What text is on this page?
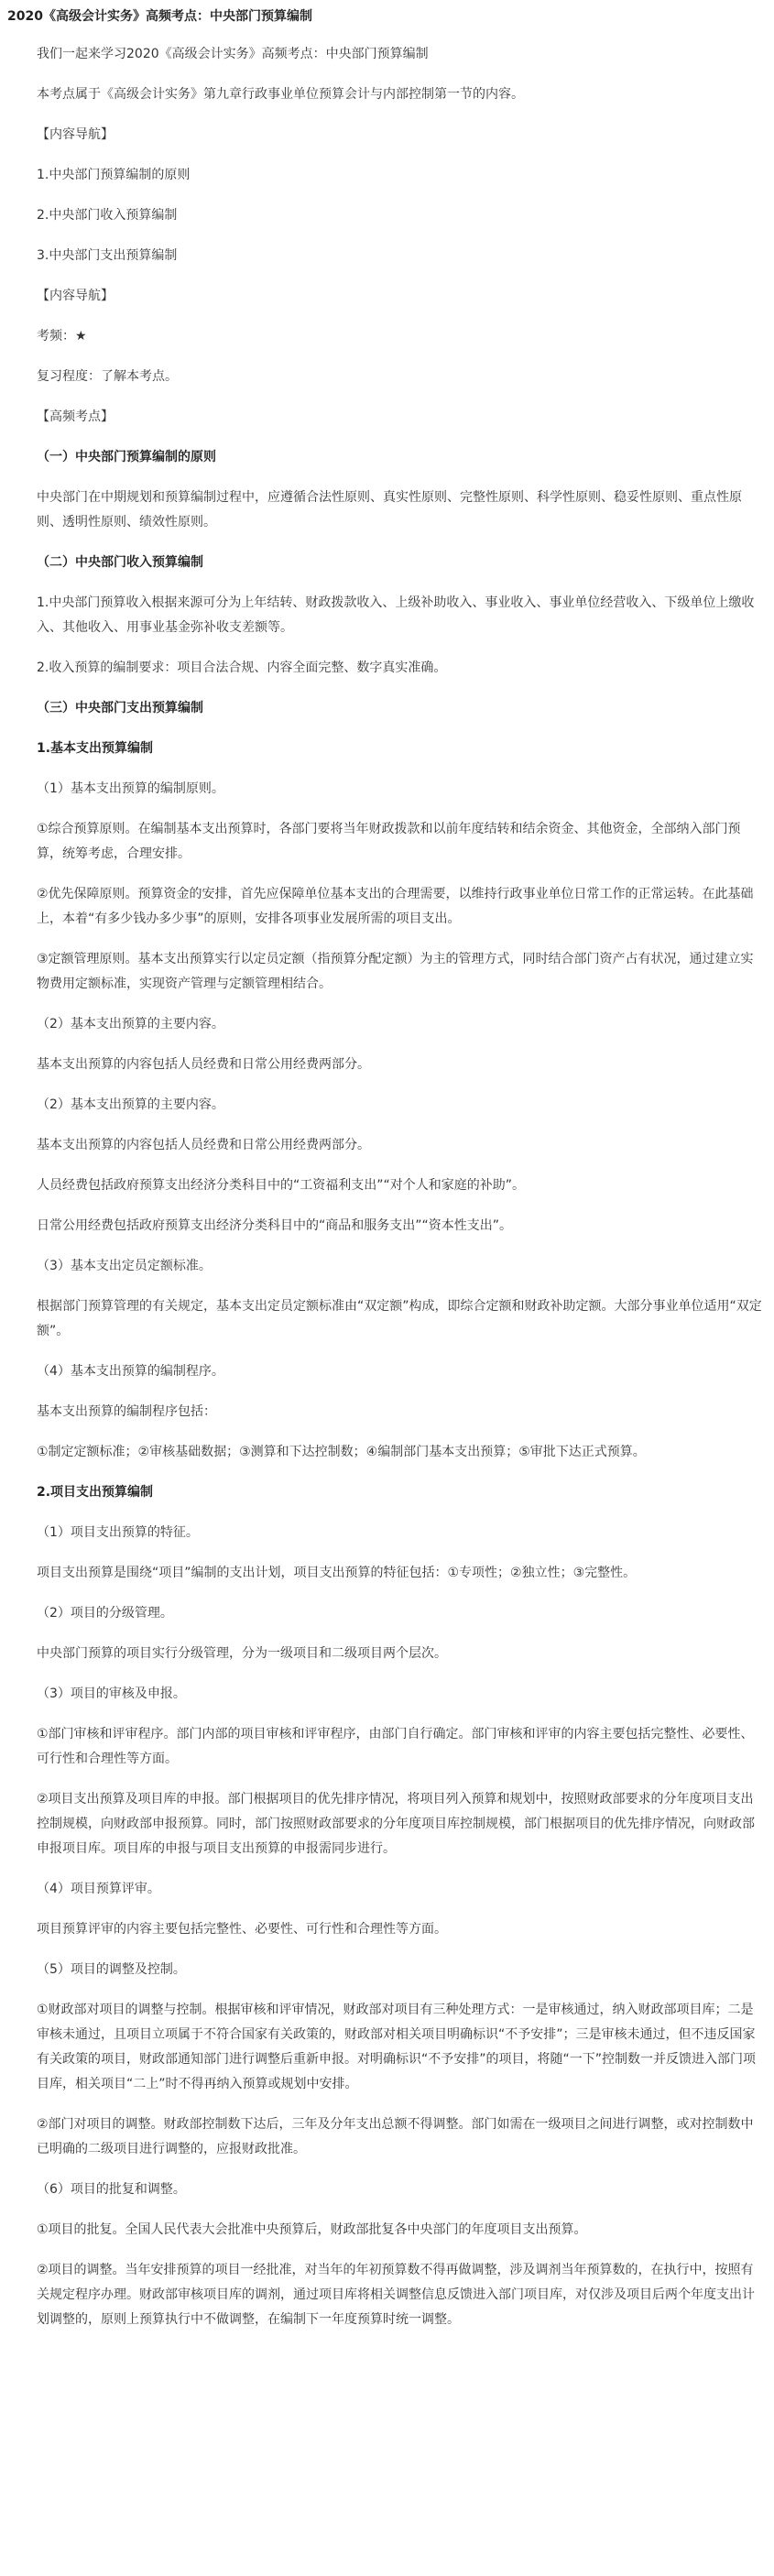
2020《高级会计实务》高频考点：中央部门预算编制

我们一起来学习2020《高级会计实务》高频考点：中央部门预算编制

本考点属于《高级会计实务》第九章行政事业单位预算会计与内部控制第一节的内容。

【内容导航】

1.中央部门预算编制的原则

2.中央部门收入预算编制

3.中央部门支出预算编制

【内容导航】

考频：★

复习程度：了解本考点。

【高频考点】

（一）中央部门预算编制的原则

中央部门在中期规划和预算编制过程中，应遵循合法性原则、真实性原则、完整性原则、科学性原则、稳妥性原则、重点性原则、透明性原则、绩效性原则。

（二）中央部门收入预算编制

1.中央部门预算收入根据来源可分为上年结转、财政拨款收入、上级补助收入、事业收入、事业单位经营收入、下级单位上缴收入、其他收入、用事业基金弥补收支差额等。

2.收入预算的编制要求：项目合法合规、内容全面完整、数字真实准确。

（三）中央部门支出预算编制

1.基本支出预算编制

（1）基本支出预算的编制原则。

①综合预算原则。在编制基本支出预算时，各部门要将当年财政拨款和以前年度结转和结余资金、其他资金，全部纳入部门预算，统筹考虑，合理安排。

②优先保障原则。预算资金的安排，首先应保障单位基本支出的合理需要，以维持行政事业单位日常工作的正常运转。在此基础上，本着“有多少钱办多少事”的原则，安排各项事业发展所需的项目支出。

③定额管理原则。基本支出预算实行以定员定额（指预算分配定额）为主的管理方式，同时结合部门资产占有状况，通过建立实物费用定额标准，实现资产管理与定额管理相结合。

（2）基本支出预算的主要内容。

基本支出预算的内容包括人员经费和日常公用经费两部分。

（2）基本支出预算的主要内容。

基本支出预算的内容包括人员经费和日常公用经费两部分。

人员经费包括政府预算支出经济分类科目中的“工资福利支出”“对个人和家庭的补助”。

日常公用经费包括政府预算支出经济分类科目中的“商品和服务支出”“资本性支出”。

（3）基本支出定员定额标准。

根据部门预算管理的有关规定，基本支出定员定额标准由“双定额”构成，即综合定额和财政补助定额。大部分事业单位适用“双定额”。

（4）基本支出预算的编制程序。

基本支出预算的编制程序包括：

①制定定额标准；②审核基础数据；③测算和下达控制数；④编制部门基本支出预算；⑤审批下达正式预算。

2.项目支出预算编制

（1）项目支出预算的特征。

项目支出预算是围绕“项目”编制的支出计划，项目支出预算的特征包括：①专项性；②独立性；③完整性。

（2）项目的分级管理。

中央部门预算的项目实行分级管理，分为一级项目和二级项目两个层次。

（3）项目的审核及申报。

①部门审核和评审程序。部门内部的项目审核和评审程序，由部门自行确定。部门审核和评审的内容主要包括完整性、必要性、可行性和合理性等方面。

②项目支出预算及项目库的申报。部门根据项目的优先排序情况，将项目列入预算和规划中，按照财政部要求的分年度项目支出控制规模，向财政部申报预算。同时，部门按照财政部要求的分年度项目库控制规模，部门根据项目的优先排序情况，向财政部申报项目库。项目库的申报与项目支出预算的申报需同步进行。

（4）项目预算评审。

项目预算评审的内容主要包括完整性、必要性、可行性和合理性等方面。

（5）项目的调整及控制。

①财政部对项目的调整与控制。根据审核和评审情况，财政部对项目有三种处理方式：一是审核通过，纳入财政部项目库；二是审核未通过，且项目立项属于不符合国家有关政策的，财政部对相关项目明确标识“不予安排”；三是审核未通过，但不违反国家有关政策的项目，财政部通知部门进行调整后重新申报。对明确标识“不予安排”的项目，将随“一下”控制数一并反馈进入部门项目库，相关项目“二上”时不得再纳入预算或规划中安排。

②部门对项目的调整。财政部控制数下达后，三年及分年支出总额不得调整。部门如需在一级项目之间进行调整，或对控制数中已明确的二级项目进行调整的，应报财政批准。

（6）项目的批复和调整。

①项目的批复。全国人民代表大会批准中央预算后，财政部批复各中央部门的年度项目支出预算。

②项目的调整。当年安排预算的项目一经批准，对当年的年初预算数不得再做调整，涉及调剂当年预算数的，在执行中，按照有关规定程序办理。财政部审核项目库的调剂，通过项目库将相关调整信息反馈进入部门项目库，对仅涉及项目后两个年度支出计划调整的，原则上预算执行中不做调整，在编制下一年度预算时统一调整。
